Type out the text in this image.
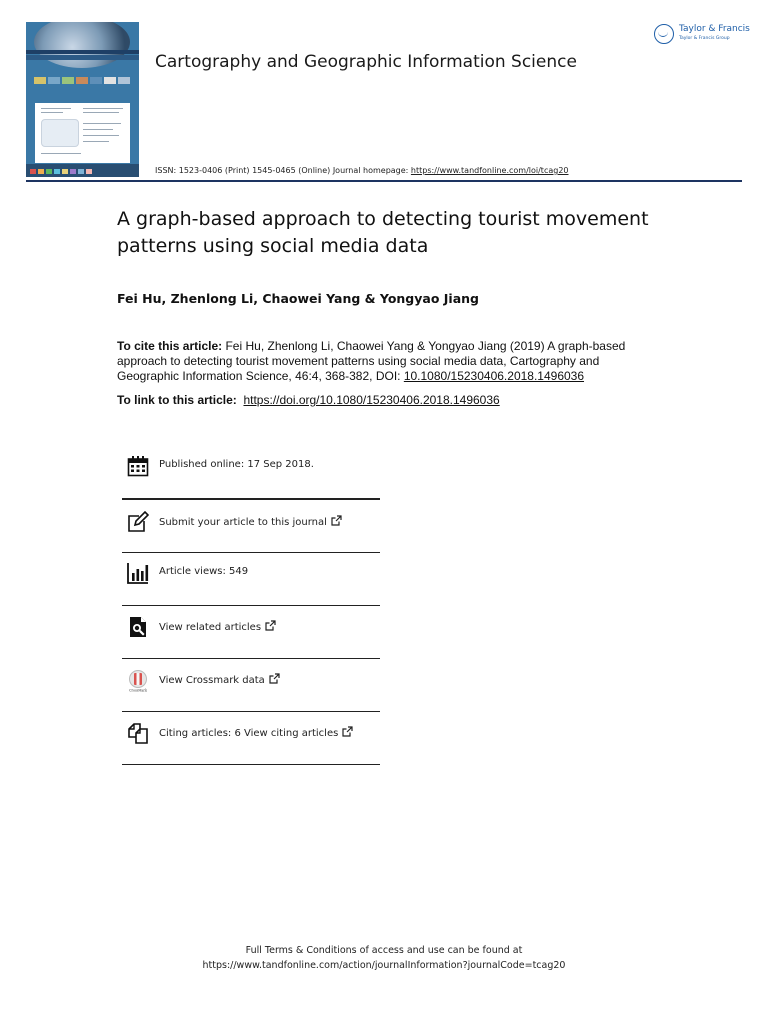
Cartography and Geographic Information Science
Taylor & Francis
Taylor & Francis Group
ISSN: 1523-0406 (Print) 1545-0465 (Online) Journal homepage: https://www.tandfonline.com/loi/tcag20
A graph-based approach to detecting tourist movement patterns using social media data
Fei Hu, Zhenlong Li, Chaowei Yang & Yongyao Jiang
To cite this article: Fei Hu, Zhenlong Li, Chaowei Yang & Yongyao Jiang (2019) A graph-based approach to detecting tourist movement patterns using social media data, Cartography and Geographic Information Science, 46:4, 368-382, DOI: 10.1080/15230406.2018.1496036
To link to this article:  https://doi.org/10.1080/15230406.2018.1496036
Published online: 17 Sep 2018.
Submit your article to this journal
Article views: 549
View related articles
CrossMark
View Crossmark data
Citing articles: 6 View citing articles
Full Terms & Conditions of access and use can be found at
https://www.tandfonline.com/action/journalInformation?journalCode=tcag20
